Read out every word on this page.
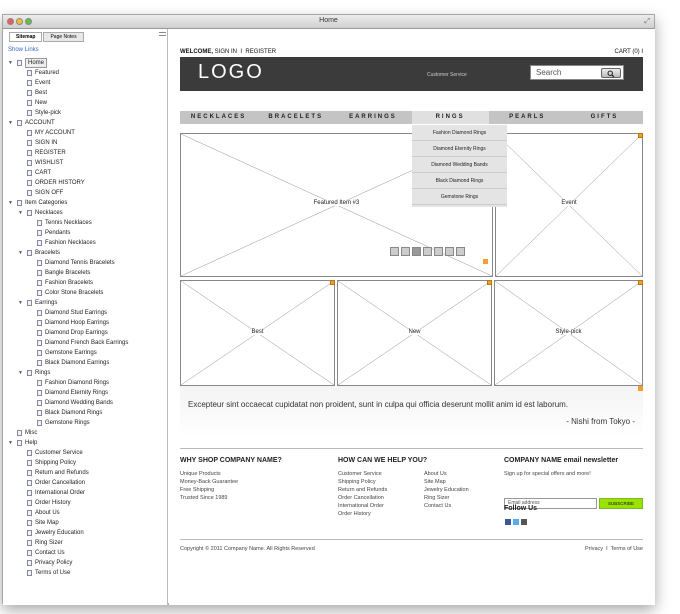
Home	⤢
Sitemap	Page Notes
Show Links
▼	Home
Featured
Event
Best
New
Style-pick
▼ ACCOUNT
MY ACCOUNT
SIGN IN
REGISTER
WISHLIST
CART
ORDER HISTORY
SIGN OFF
▼ Item Categories
▼ Necklaces
Tennis Necklaces
Pendants
Fashion Necklaces
▼ Bracelets
Diamond Tennis Bracelets
Bangle Bracelets
Fashion Bracelets
Color Stone Bracelets
▼ Earrings
Diamond Stud Earrings
Diamond Hoop Earrings
Diamond Drop Earrings
Diamond French Back Earrings
Gemstone Earrings
Black Diamond Earrings
▼ Rings
Fashion Diamond Rings
Diamond Eternity Rings
Diamond Wedding Bands
Black Diamond Rings
Gemstone Rings
Misc
▼ Help
Customer Service
Shipping Policy
Return and Refunds
Order Cancellation
International Order
Order History
About Us
Site Map
Jewelry Education
Ring Sizer
Contact Us
Privacy Policy
Terms of Use
WELCOME, SIGN IN I REGISTER	CART (0) I
LOGO	Customer Service	Search
NECKLACES	BRACELETS	EARRINGS	RINGS	PEARLS	GIFTS
Featured Item #3	Event
Fashion Diamond Rings
Diamond Eternity Rings
Diamond Wedding Bands
Black Diamond Rings
Gemstone Rings
Best	New	Style-pick
Excepteur sint occaecat cupidatat non proident, sunt in culpa qui officia deserunt mollit anim id est laborum.
- Nishi from Tokyo -
WHY SHOP COMPANY NAME?
Unique Products
Money-Back Guarantee
Free Shipping
Trusted Since 1989
HOW CAN WE HELP YOU?
Customer Service
Shipping Policy
Return and Refunds
Order Cancellation
International Order
Order History
About Us
Site Map
Jewelry Education
Ring Sizer
Contact Us
COMPANY NAME email newsletter
Sign up for special offers and more!
Email address	SUBSCRIBE
Follow Us
Copyright © 2011 Company Name. All Rights Reserved	Privacy I Terms of Use
